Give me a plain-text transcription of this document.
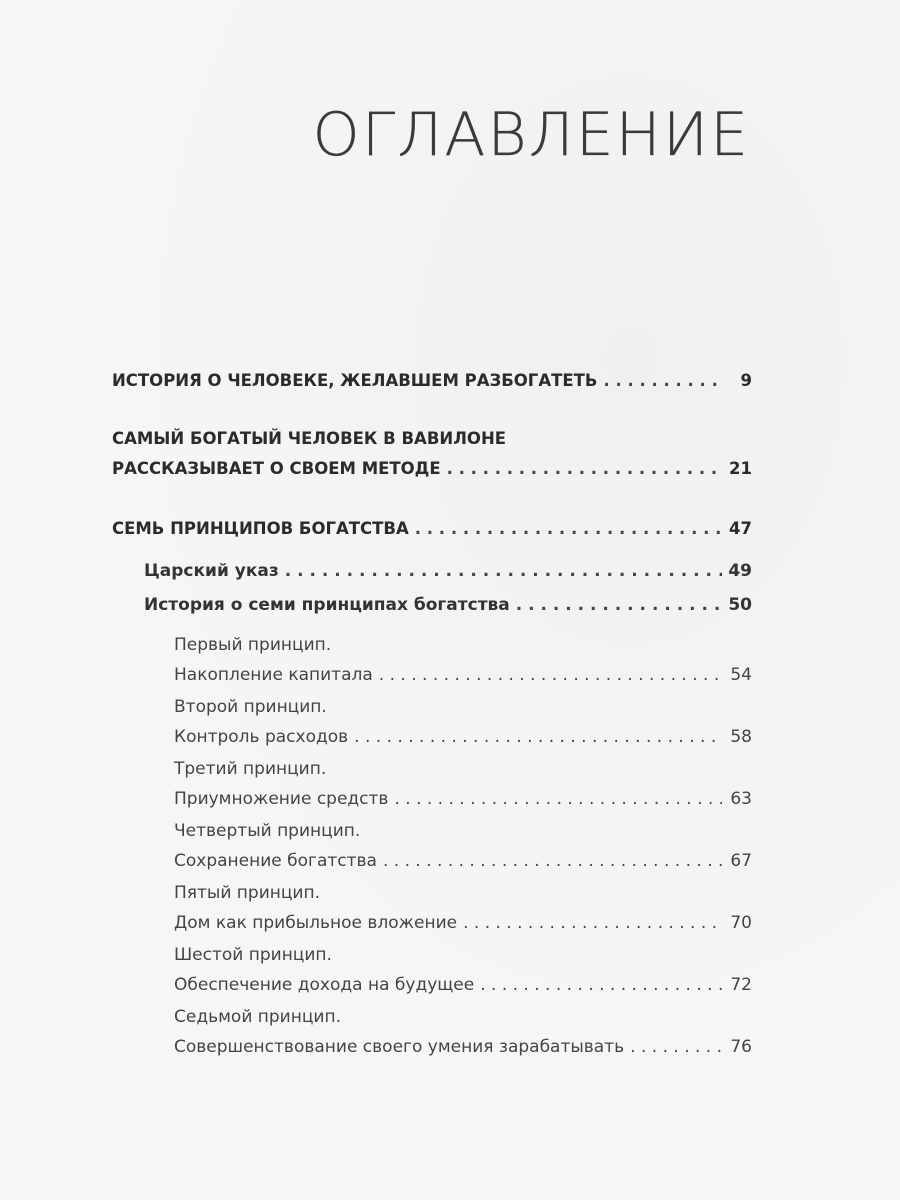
ОГЛАВЛЕНИЕ
ИСТОРИЯ О ЧЕЛОВЕКЕ, ЖЕЛАВШЕМ РАЗБОГАТЕТЬ . . .	9
САМЫЙ БОГАТЫЙ ЧЕЛОВЕК В ВАВИЛОНЕ
РАССКАЗЫВАЕТ О СВОЕМ МЕТОДЕ . . .	21
СЕМЬ ПРИНЦИПОВ БОГАТСТВА . . .	47
Царский указ . . .	49
История о семи принципах богатства . . .	50
Первый принцип.
Накопление капитала . . .	54
Второй принцип.
Контроль расходов . . .	58
Третий принцип.
Приумножение средств . . .	63
Четвертый принцип.
Сохранение богатства . . .	67
Пятый принцип.
Дом как прибыльное вложение . . .	70
Шестой принцип.
Обеспечение дохода на будущее . . .	72
Седьмой принцип.
Совершенствование своего умения зарабатывать . . .	76
